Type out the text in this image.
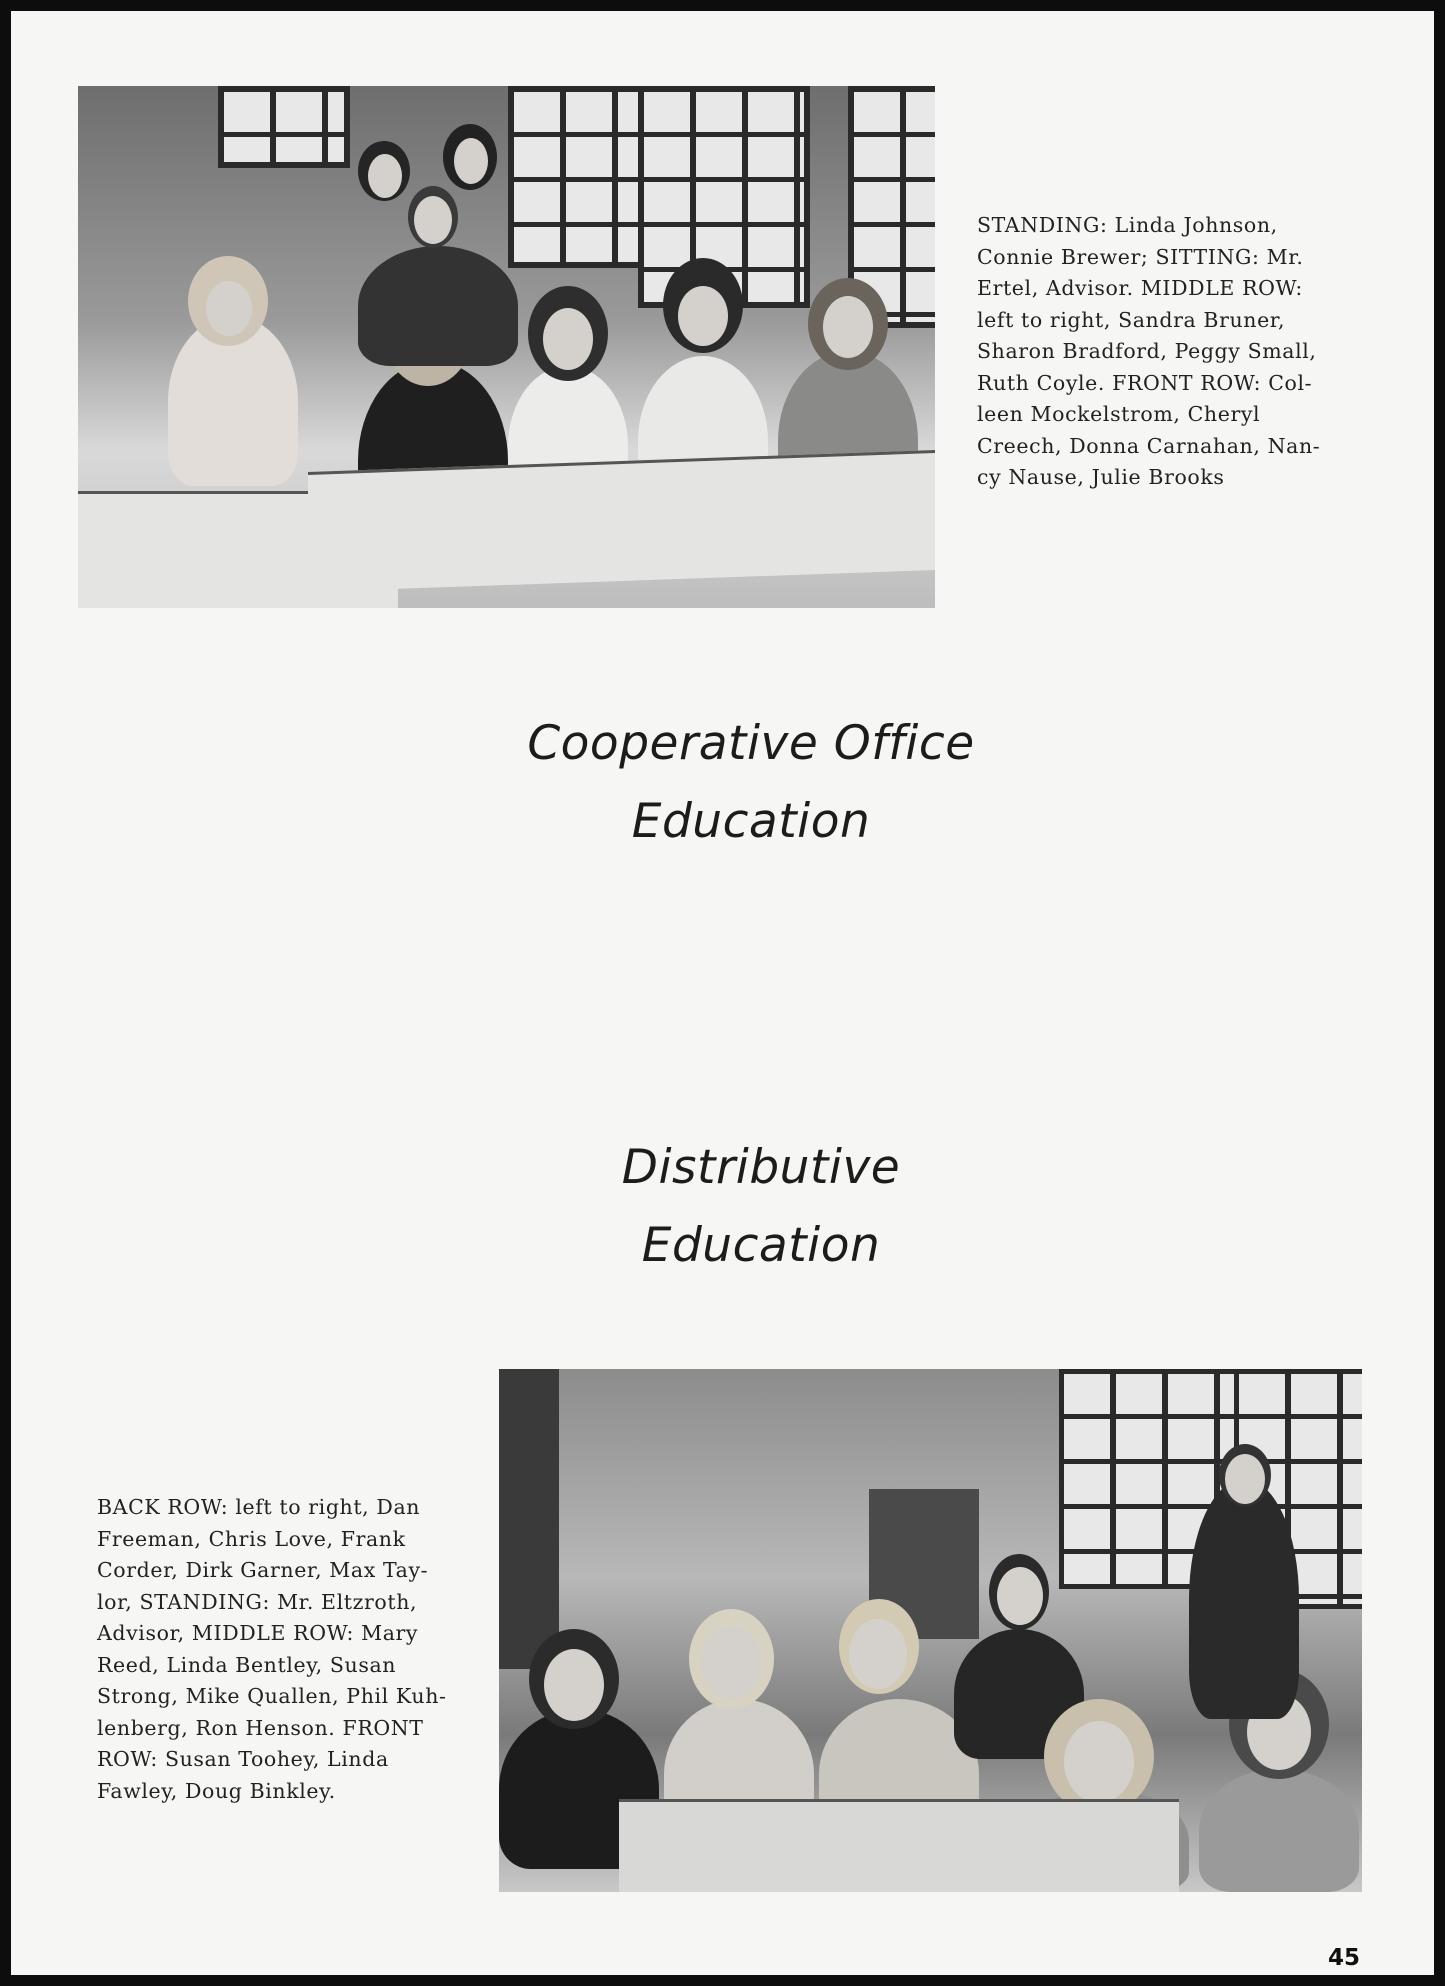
STANDING: Linda Johnson,
Connie Brewer; SITTING: Mr.
Ertel, Advisor. MIDDLE ROW:
left to right, Sandra Bruner,
Sharon Bradford, Peggy Small,
Ruth Coyle. FRONT ROW: Col-
leen Mockelstrom, Cheryl
Creech, Donna Carnahan, Nan-
cy Nause, Julie Brooks
Cooperative Office
Education
Distributive
Education
BACK ROW: left to right, Dan
Freeman, Chris Love, Frank
Corder, Dirk Garner, Max Tay-
lor, STANDING: Mr. Eltzroth,
Advisor, MIDDLE ROW: Mary
Reed, Linda Bentley, Susan
Strong, Mike Quallen, Phil Kuh-
lenberg, Ron Henson. FRONT
ROW: Susan Toohey, Linda
Fawley, Doug Binkley.
45
